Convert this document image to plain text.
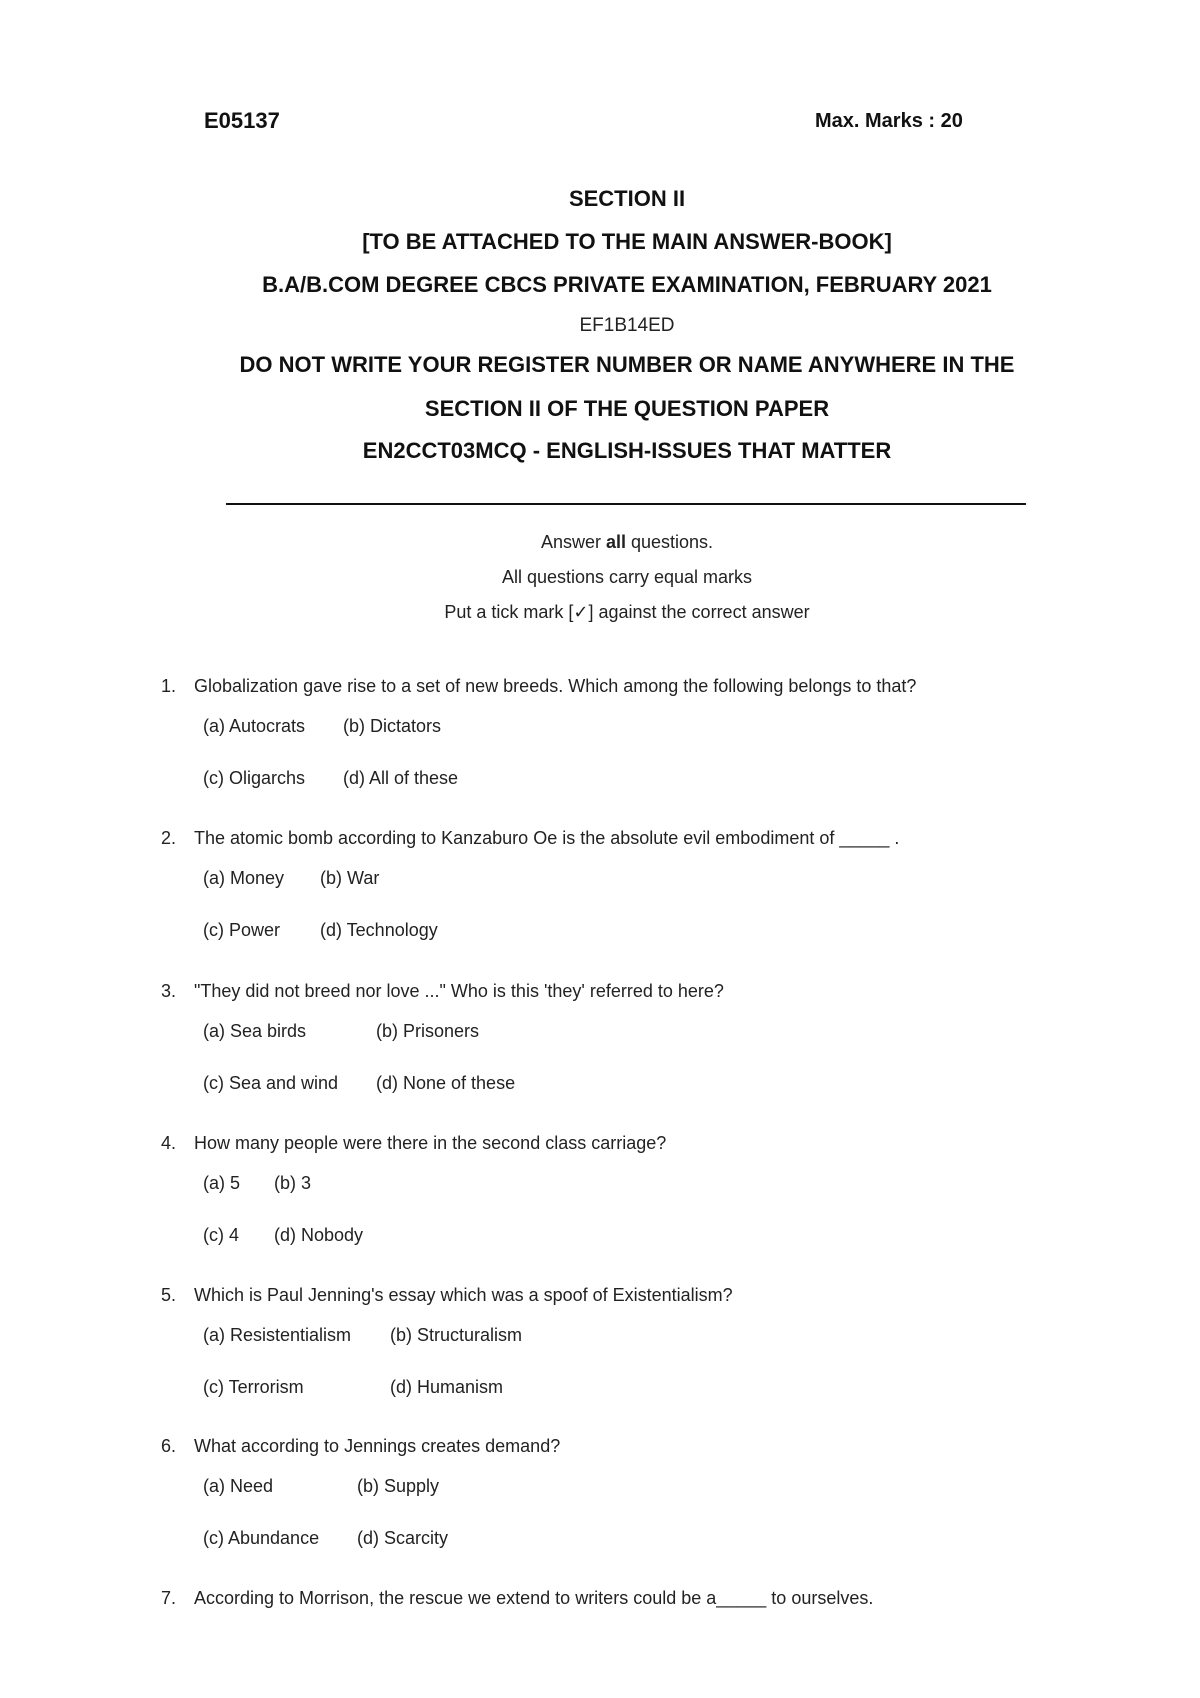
E05137	Max. Marks : 20
SECTION II
[TO BE ATTACHED TO THE MAIN ANSWER-BOOK]
B.A/B.COM DEGREE CBCS PRIVATE EXAMINATION, FEBRUARY 2021
EF1B14ED
DO NOT WRITE YOUR REGISTER NUMBER OR NAME ANYWHERE IN THE
SECTION II OF THE QUESTION PAPER
EN2CCT03MCQ - ENGLISH-ISSUES THAT MATTER
Answer all questions.
All questions carry equal marks
Put a tick mark [✓] against the correct answer
1. Globalization gave rise to a set of new breeds. Which among the following belongs to that?
(a) Autocrats (b) Dictators
(c) Oligarchs (d) All of these
2. The atomic bomb according to Kanzaburo Oe is the absolute evil embodiment of _____ .
(a) Money (b) War
(c) Power (d) Technology
3. "They did not breed nor love ..." Who is this 'they' referred to here?
(a) Sea birds	(b) Prisoners
(c) Sea and wind (d) None of these
4. How many people were there in the second class carriage?
(a) 5 (b) 3
(c) 4 (d) Nobody
5. Which is Paul Jenning's essay which was a spoof of Existentialism?
(a) Resistentialism (b) Structuralism
(c) Terrorism	(d) Humanism
6. What according to Jennings creates demand?
(a) Need	(b) Supply
(c) Abundance (d) Scarcity
7. According to Morrison, the rescue we extend to writers could be a_____ to ourselves.
